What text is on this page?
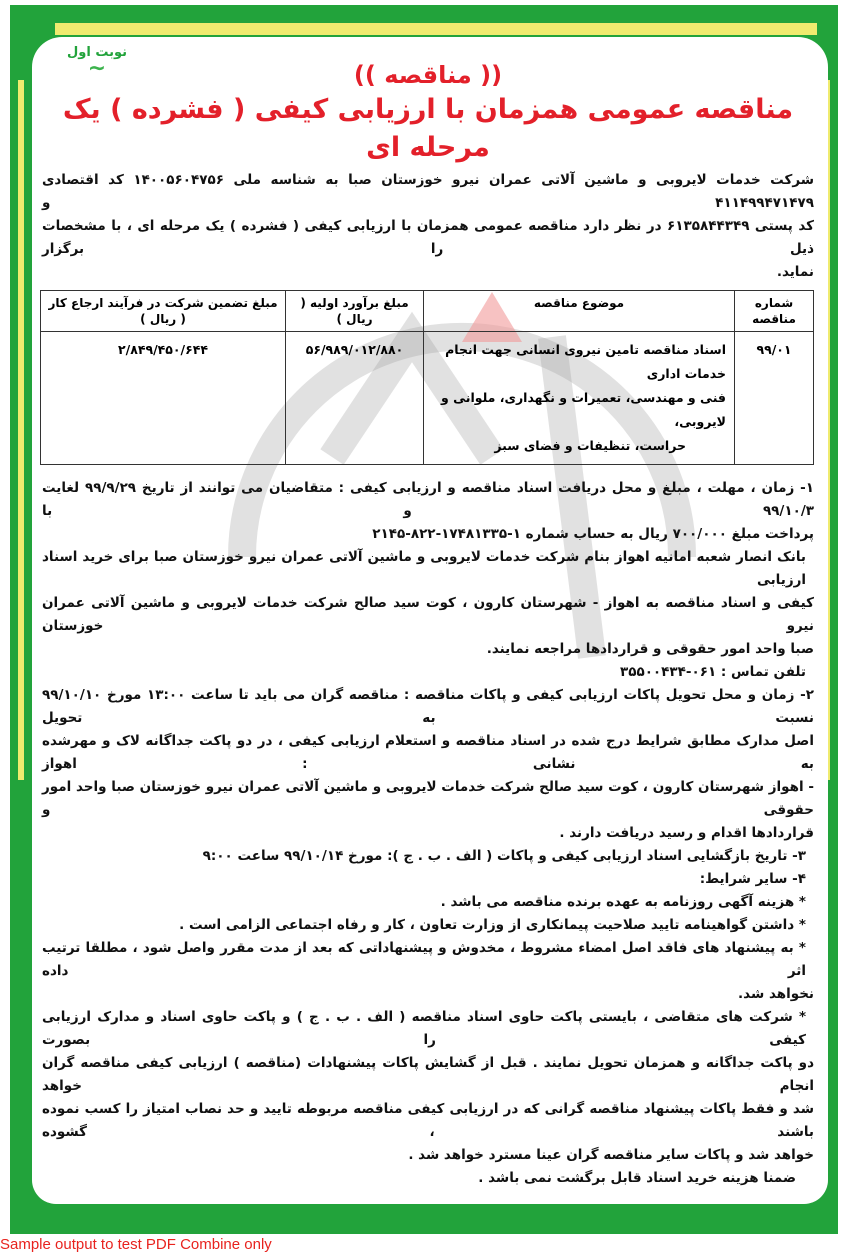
نوبت اول
∽	(( مناقصه ))
مناقصه عمومی همزمان با ارزیابی کیفی ( فشرده ) یک مرحله ای
شرکت خدمات لایروبی و ماشین آلاتی عمران نیرو خوزستان صبا به شناسه ملی ۱۴۰۰۵۶۰۴۷۵۶ کد اقتصادی ۴۱۱۴۹۹۴۷۱۴۷۹ و
کد پستی ۶۱۳۵۸۴۴۳۴۹ در نظر دارد مناقصه عمومی همزمان با ارزیابی کیفی ( فشرده ) یک مرحله ای ، با مشخصات ذیل را برگزار
نماید.
شماره مناقصه	موضوع مناقصه	مبلغ برآورد اولیه ( ریال )	مبلغ تضمین شرکت در فرآیند ارجاع کار ( ریال )
۹۹/۰۱	اسناد مناقصه تامین نیروی انسانی جهت انجام خدمات اداری
فنی و مهندسی، تعمیرات و نگهداری، ملوانی و لایروبی،
حراست، تنظیفات و فضای سبز	۵۶/۹۸۹/۰۱۲/۸۸۰	۲/۸۴۹/۴۵۰/۶۴۴
۱- زمان ، مهلت ، مبلغ و محل دریافت اسناد مناقصه و ارزیابی کیفی : متقاضیان می توانند از تاریخ ۹۹/۹/۲۹ لغایت ۹۹/۱۰/۳ و با
پرداخت مبلغ ۷۰۰/۰۰۰ ریال به حساب شماره ۱-۱۷۴۸۱۳۳۵-۸۲۲-۲۱۴۵
بانک انصار شعبه امانیه اهواز بنام شرکت خدمات لایروبی و ماشین آلاتی عمران نیرو خوزستان صبا برای خرید اسناد ارزیابی
کیفی و اسناد مناقصه به اهواز - شهرستان کارون ، کوت سید صالح شرکت خدمات لایروبی و ماشین آلاتی عمران نیرو خوزستان
صبا واحد امور حقوقی و قراردادها مراجعه نمایند.
تلفن تماس : ۰۶۱-۳۵۵۰۰۴۳۴
۲- زمان و محل تحویل پاکات ارزیابی کیفی و پاکات مناقصه : مناقصه گران می باید تا ساعت ۱۳:۰۰ مورخ ۹۹/۱۰/۱۰ نسبت به تحویل
اصل مدارک مطابق شرایط درج شده در اسناد مناقصه و استعلام ارزیابی کیفی ، در دو پاکت جداگانه لاک و مهرشده به نشانی : اهواز
- اهواز شهرستان کارون ، کوت سید صالح شرکت خدمات لایروبی و ماشین آلاتی عمران نیرو خوزستان صبا واحد امور حقوقی و
قراردادها اقدام و رسید دریافت دارند .
۳- تاریخ بازگشایی اسناد ارزیابی کیفی و پاکات ( الف . ب . ج ): مورخ ۹۹/۱۰/۱۴ ساعت ۹:۰۰
۴- سایر شرایط:
* هزینه آگهی روزنامه به عهده برنده مناقصه می باشد .
* داشتن گواهینامه تایید صلاحیت پیمانکاری از وزارت تعاون ، کار و رفاه اجتماعی الزامی است .
* به پیشنهاد های فاقد اصل امضاء مشروط ، مخدوش و پیشنهاداتی که بعد از مدت مقرر واصل شود ، مطلقا ترتیب اثر داده
نخواهد شد.
* شرکت های متقاضی ، بایستی پاکت حاوی اسناد مناقصه ( الف . ب . ج ) و پاکت حاوی اسناد و مدارک ارزیابی کیفی را بصورت
دو پاکت جداگانه و همزمان تحویل نمایند . قبل از گشایش پاکات پیشنهادات (مناقصه ) ارزیابی کیفی مناقصه گران انجام خواهد
شد و فقط پاکات پیشنهاد مناقصه گرانی که در ارزیابی کیفی مناقصه مربوطه تایید و حد نصاب امتیاز را کسب نموده باشند ، گشوده
خواهد شد و پاکات سایر مناقصه گران عینا مسترد خواهد شد .
ضمنا هزینه خرید اسناد قابل برگشت نمی باشد .
Sample output to test PDF Combine only
